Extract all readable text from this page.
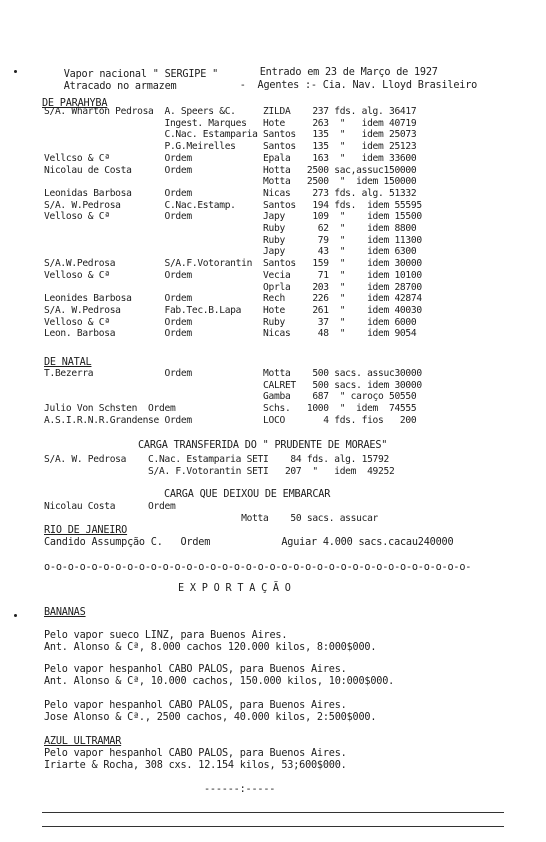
Vapor nacional " SERGIPE "
	Entrado em 23 de Março de 1927

Atracado no armazem
	-  Agentes :- Cia. Nav. Lloyd Brasileiro

DE PARAHYBA
S/A. Wharton Pedrosa  A. Speers &C.     ZILDA    237 fds. alg. 36417
Ingest. Marques   Hote     263  "   idem 40719
C.Nac. Estamparia Santos   135  "   idem 25073
P.G.Meirelles     Santos   135  "   idem 25123
Vellcso & Cª          Ordem             Epala    163  "   idem 33600
Nicolau de Costa      Ordem             Hotta   2500 sac,assuc150000
Motta   2500  "  idem 150000
Leonidas Barbosa      Ordem             Nicas    273 fds. alg. 51332
S/A. W.Pedrosa        C.Nac.Estamp.     Santos   194 fds.  idem 55595
Velloso & Cª          Ordem             Japy     109  "    idem 15500
Ruby      62  "    idem 8800
Ruby      79  "    idem 11300
Japy      43  "    idem 6300
S/A.W.Pedrosa         S/A.F.Votorantin  Santos   159  "    idem 30000
Velloso & Cª          Ordem             Vecia     71  "    idem 10100
Oprla    203  "    idem 28700
Leonides Barbosa      Ordem             Rech     226  "    idem 42874
S/A. W.Pedrosa        Fab.Tec.B.Lapa    Hote     261  "    idem 40030
Velloso & Cª          Ordem             Ruby      37  "    idem 6000
Leon. Barbosa         Ordem             Nicas     48  "    idem 9054
DE NATAL
T.Bezerra             Ordem             Motta    500 sacs. assuc30000
CALRET   500 sacs. idem 30000
Gamba    687  " caroço 50550
Julio Von Schsten  Ordem                Schs.   1000  "  idem  74555
A.S.I.R.N.R.Grandense Ordem             LOCO       4 fds. fios   200
CARGA TRANSFERIDA DO " PRUDENTE DE MORAES"
S/A. W. Pedrosa    C.Nac. Estamparia SETI    84 fds. alg. 15792
S/A. F.Votorantin SETI   207  "   idem  49252
CARGA QUE DEIXOU DE EMBARCAR
Nicolau Costa      Ordem
Motta    50 sacs. assucar
RIO DE JANEIRO
Candido Assumpção C.   Ordem            Aguiar 4.000 sacs.cacau240000
o-o-o-o-o-o-o-o-o-o-o-o-o-o-o-o-o-o-o-o-o-o-o-o-o-o-o-o-o-o-o-o-o-o-o-o-
E X P O R T A Ç Ã O
BANANAS
Pelo vapor sueco LINZ, para Buenos Aires.
Ant. Alonso & Cª, 8.000 cachos 120.000 kilos, 8:000$000.
Pelo vapor hespanhol CABO PALOS, para Buenos Aires.
Ant. Alonso & Cª, 10.000 cachos, 150.000 kilos, 10:000$000.
Pelo vapor hespanhol CABO PALOS, para Buenos Aires.
Jose Alonso & Cª., 2500 cachos, 40.000 kilos, 2:500$000.
AZUL ULTRAMAR
Pelo vapor hespanhol CABO PALOS, para Buenos Aires.
Iriarte & Rocha, 308 cxs. 12.154 kilos, 53;600$000.
------:-----
